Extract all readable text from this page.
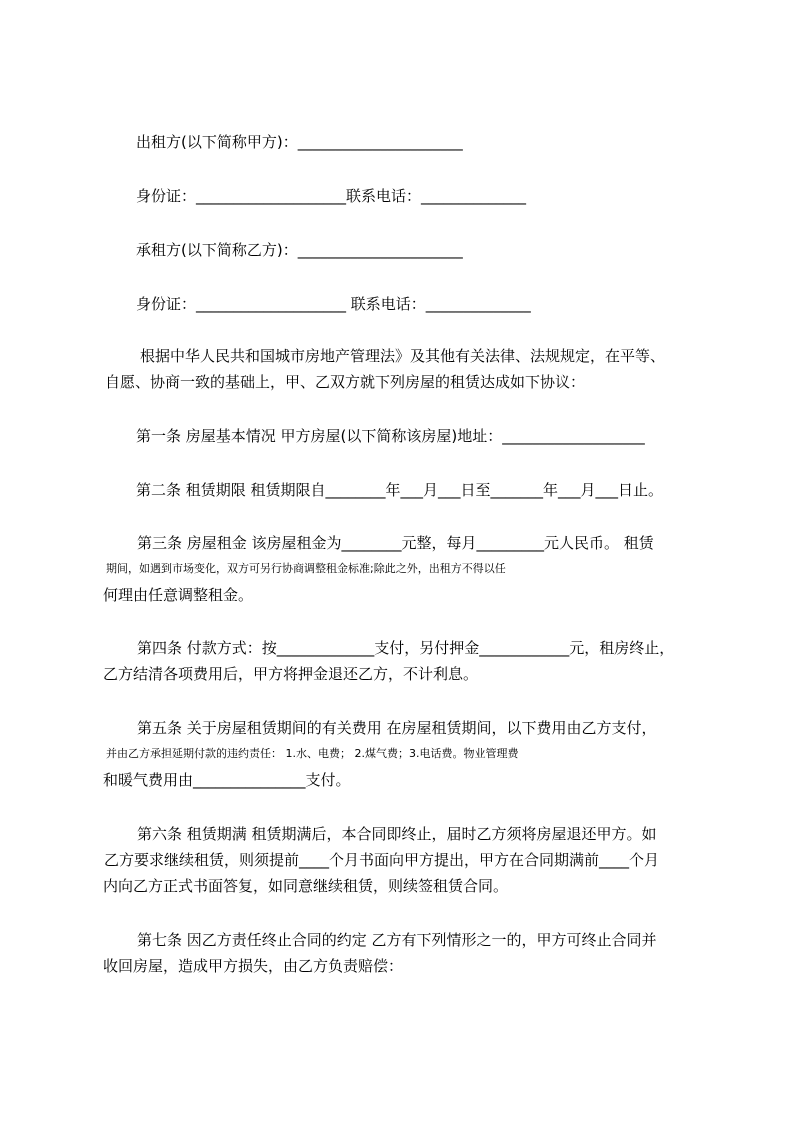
出租方(以下简称甲方)：______________________
身份证：____________________联系电话：______________
承租方(以下简称乙方)：______________________
身份证：____________________ 联系电话：______________
根据中华人民共和国城市房地产管理法》及其他有关法律、法规规定，在平等、
自愿、协商一致的基础上，甲、乙双方就下列房屋的租赁达成如下协议：
第一条 房屋基本情况 甲方房屋(以下简称该房屋)地址：___________________
第二条 租赁期限 租赁期限自________年___月___日至_______年___月___日止。
第三条 房屋租金 该房屋租金为________元整，每月_________元人民币。 租赁
期间，如遇到市场变化，双方可另行协商调整租金标准;除此之外，出租方不得以任
何理由任意调整租金。
第四条 付款方式：按_____________支付，另付押金____________元，租房终止，
乙方结清各项费用后，甲方将押金退还乙方，不计利息。
第五条 关于房屋租赁期间的有关费用 在房屋租赁期间，以下费用由乙方支付，
并由乙方承担延期付款的违约责任： 1.水、电费； 2.煤气费；3.电话费。物业管理费
和暖气费用由_______________支付。
第六条 租赁期满 租赁期满后，本合同即终止，届时乙方须将房屋退还甲方。如
乙方要求继续租赁，则须提前____个月书面向甲方提出，甲方在合同期满前____个月
内向乙方正式书面答复，如同意继续租赁，则续签租赁合同。
第七条 因乙方责任终止合同的约定 乙方有下列情形之一的，甲方可终止合同并
收回房屋，造成甲方损失，由乙方负责赔偿：
